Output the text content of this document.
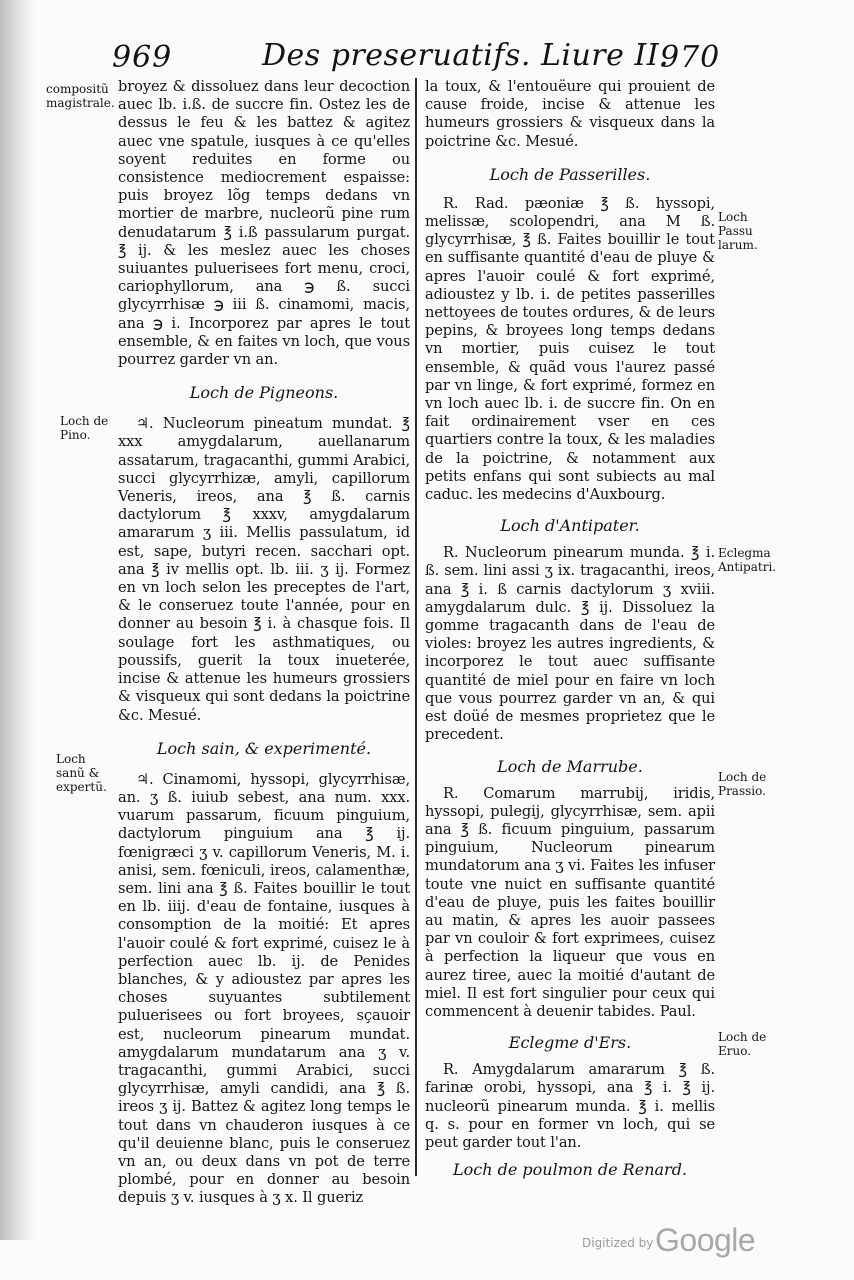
969	Des preseruatifs. Liure II.
970

compositũ magistrale.

Loch de Pino.

Loch sanũ & expertũ.

Loch Passu larum.

Eclegma Antipatri.

Loch de Prassio.

Loch de Eruo.

broyez & dissoluez dans leur decoction auec lb. i.ß. de succre fin. Ostez les de dessus le feu & les battez & agitez auec vne spatule, iusques à ce qu'elles soyent reduites en forme ou consistence mediocrement espaisse: puis broyez lõg temps dedans vn mortier de marbre, nucleorũ pine rum denudatarum ℥ i.ß passularum purgat. ℥ ij. & les meslez auec les choses suiuantes puluerisees fort menu, croci, cariophyllorum, ana ℈ ß. succi glycyrrhisæ ℈ iii ß. cinamomi, macis, ana ℈ i. Incorporez par apres le tout ensemble, & en faites vn loch, que vous pourrez garder vn an.

Loch de Pigneons.

♃. Nucleorum pineatum mundat. ℥ xxx amygdalarum, auellanarum assatarum, tragacanthi, gummi Arabici, succi glycyrrhizæ, amyli, capillorum Veneris, ireos, ana ℥ ß. carnis dactylorum ℥ xxxv, amygdalarum amararum ʒ iii. Mellis passulatum, id est, sape, butyri recen. sacchari opt. ana ℥ iv mellis opt. lb. iii. ʒ ij. Formez en vn loch selon les preceptes de l'art, & le conseruez toute l'année, pour en donner au besoin ℥ i. à chasque fois. Il soulage fort les asthmatiques, ou poussifs, guerit la toux inueterée, incise & attenue les humeurs grossiers & visqueux qui sont dedans la poictrine &c. Mesué.

Loch sain, & experimenté.

♃. Cinamomi, hyssopi, glycyrrhisæ, an. ʒ ß. iuiub sebest, ana num. xxx. vuarum passarum, ficuum pinguium, dactylorum pinguium ana ℥ ij. fœnigræci ʒ v. capillorum Veneris, M. i. anisi, sem. fœniculi, ireos, calamenthæ, sem. lini ana ℥ ß. Faites bouillir le tout en lb. iiij. d'eau de fontaine, iusques à consomption de la moitié: Et apres l'auoir coulé & fort exprimé, cuisez le à perfection auec lb. ij. de Penides blanches, & y adioustez par apres les choses suyuantes subtilement puluerisees ou fort broyees, sçauoir est, nucleorum pinearum mundat. amygdalarum mundatarum ana ʒ v. tragacanthi, gummi Arabici, succi glycyrrhisæ, amyli candidi, ana ℥ ß. ireos ʒ ij. Battez & agitez long temps le tout dans vn chauderon iusques à ce qu'il deuienne blanc, puis le conseruez vn an, ou deux dans vn pot de terre plombé, pour en donner au besoin depuis ʒ v. iusques à ʒ x. Il gueriz

la toux, & l'entouëure qui prouient de cause froide, incise & attenue les humeurs grossiers & visqueux dans la poictrine &c. Mesué.

Loch de Passerilles.

R. Rad. pæoniæ ℥ ß. hyssopi, melissæ, scolopendri, ana M ß. glycyrrhisæ, ℥ ß. Faites bouillir le tout en suffisante quantité d'eau de pluye & apres l'auoir coulé & fort exprimé, adioustez y lb. i. de petites passerilles nettoyees de toutes ordures, & de leurs pepins, & broyees long temps dedans vn mortier, puis cuisez le tout ensemble, & quãd vous l'aurez passé par vn linge, & fort exprimé, formez en vn loch auec lb. i. de succre fin. On en fait ordinairement vser en ces quartiers contre la toux, & les maladies de la poictrine, & notamment aux petits enfans qui sont subiects au mal caduc. les medecins d'Auxbourg.

Loch d'Antipater.

R. Nucleorum pinearum munda. ℥ i. ß. sem. lini assi ʒ ix. tragacanthi, ireos, ana ℥ i. ß carnis dactylorum ʒ xviii. amygdalarum dulc. ℥ ij. Dissoluez la gomme tragacanth dans de l'eau de violes: broyez les autres ingredients, & incorporez le tout auec suffisante quantité de miel pour en faire vn loch que vous pourrez garder vn an, & qui est doüé de mesmes proprietez que le precedent.

Loch de Marrube.

R. Comarum marrubij, iridis, hyssopi, pulegij, glycyrrhisæ, sem. apii ana ℥ ß. ficuum pinguium, passarum pinguium, Nucleorum pinearum mundatorum ana ʒ vi. Faites les infuser toute vne nuict en suffisante quantité d'eau de pluye, puis les faites bouillir au matin, & apres les auoir passees par vn couloir & fort exprimees, cuisez à perfection la liqueur que vous en aurez tiree, auec la moitié d'autant de miel. Il est fort singulier pour ceux qui commencent à deuenir tabides. Paul.

Eclegme d'Ers.

R. Amygdalarum amararum ℥ ß. farinæ orobi, hyssopi, ana ℥ i. ℥ ij. nucleorũ pinearum munda. ℥ i. mellis q. s. pour en former vn loch, qui se peut garder tout l'an.

Loch de poulmon de Renard.

Digitized by Google
